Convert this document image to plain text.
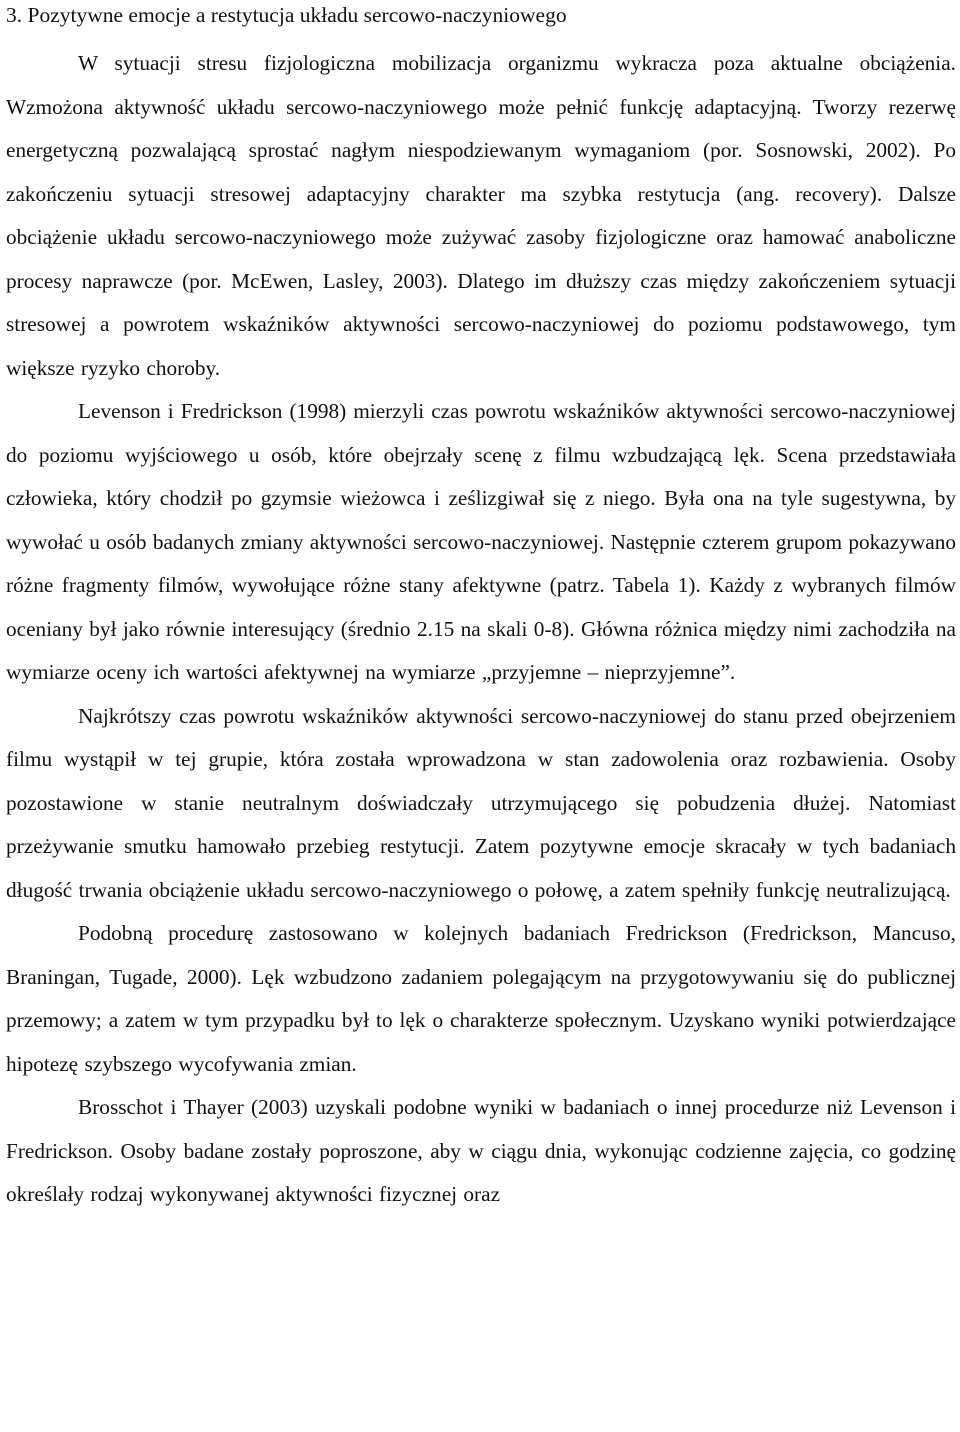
3. Pozytywne emocje a restytucja układu sercowo-naczyniowego

W sytuacji stresu fizjologiczna mobilizacja organizmu wykracza poza aktualne obciążenia. Wzmożona aktywność układu sercowo-naczyniowego może pełnić funkcję adaptacyjną. Tworzy rezerwę energetyczną pozwalającą sprostać nagłym niespodziewanym wymaganiom (por. Sosnowski, 2002). Po zakończeniu sytuacji stresowej adaptacyjny charakter ma szybka restytucja (ang. recovery). Dalsze obciążenie układu sercowo-naczyniowego może zużywać zasoby fizjologiczne oraz hamować anaboliczne procesy naprawcze (por. McEwen, Lasley, 2003). Dlatego im dłuższy czas między zakończeniem sytuacji stresowej a powrotem wskaźników aktywności sercowo-naczyniowej do poziomu podstawowego, tym większe ryzyko choroby.

Levenson i Fredrickson (1998) mierzyli czas powrotu wskaźników aktywności sercowo-naczyniowej do poziomu wyjściowego u osób, które obejrzały scenę z filmu wzbudzającą lęk. Scena przedstawiała człowieka, który chodził po gzymsie wieżowca i ześlizgiwał się z niego. Była ona na tyle sugestywna, by wywołać u osób badanych zmiany aktywności sercowo-naczyniowej. Następnie czterem grupom pokazywano różne fragmenty filmów, wywołujące różne stany afektywne (patrz. Tabela 1). Każdy z wybranych filmów oceniany był jako równie interesujący (średnio 2.15 na skali 0-8). Główna różnica między nimi zachodziła na wymiarze oceny ich wartości afektywnej na wymiarze „przyjemne – nieprzyjemne”.

Najkrótszy czas powrotu wskaźników aktywności sercowo-naczyniowej do stanu przed obejrzeniem filmu wystąpił w tej grupie, która została wprowadzona w stan zadowolenia oraz rozbawienia. Osoby pozostawione w stanie neutralnym doświadczały utrzymującego się pobudzenia dłużej. Natomiast przeżywanie smutku hamowało przebieg restytucji. Zatem pozytywne emocje skracały w tych badaniach długość trwania obciążenie układu sercowo-naczyniowego o połowę, a zatem spełniły funkcję neutralizującą.

Podobną procedurę zastosowano w kolejnych badaniach Fredrickson (Fredrickson, Mancuso, Braningan, Tugade, 2000). Lęk wzbudzono zadaniem polegającym na przygotowywaniu się do publicznej przemowy; a zatem w tym przypadku był to lęk o charakterze społecznym. Uzyskano wyniki potwierdzające hipotezę szybszego wycofywania zmian.

Brosschot i Thayer (2003) uzyskali podobne wyniki w badaniach o innej procedurze niż Levenson i Fredrickson. Osoby badane zostały poproszone, aby w ciągu dnia, wykonując codzienne zajęcia, co godzinę określały rodzaj wykonywanej aktywności fizycznej oraz
